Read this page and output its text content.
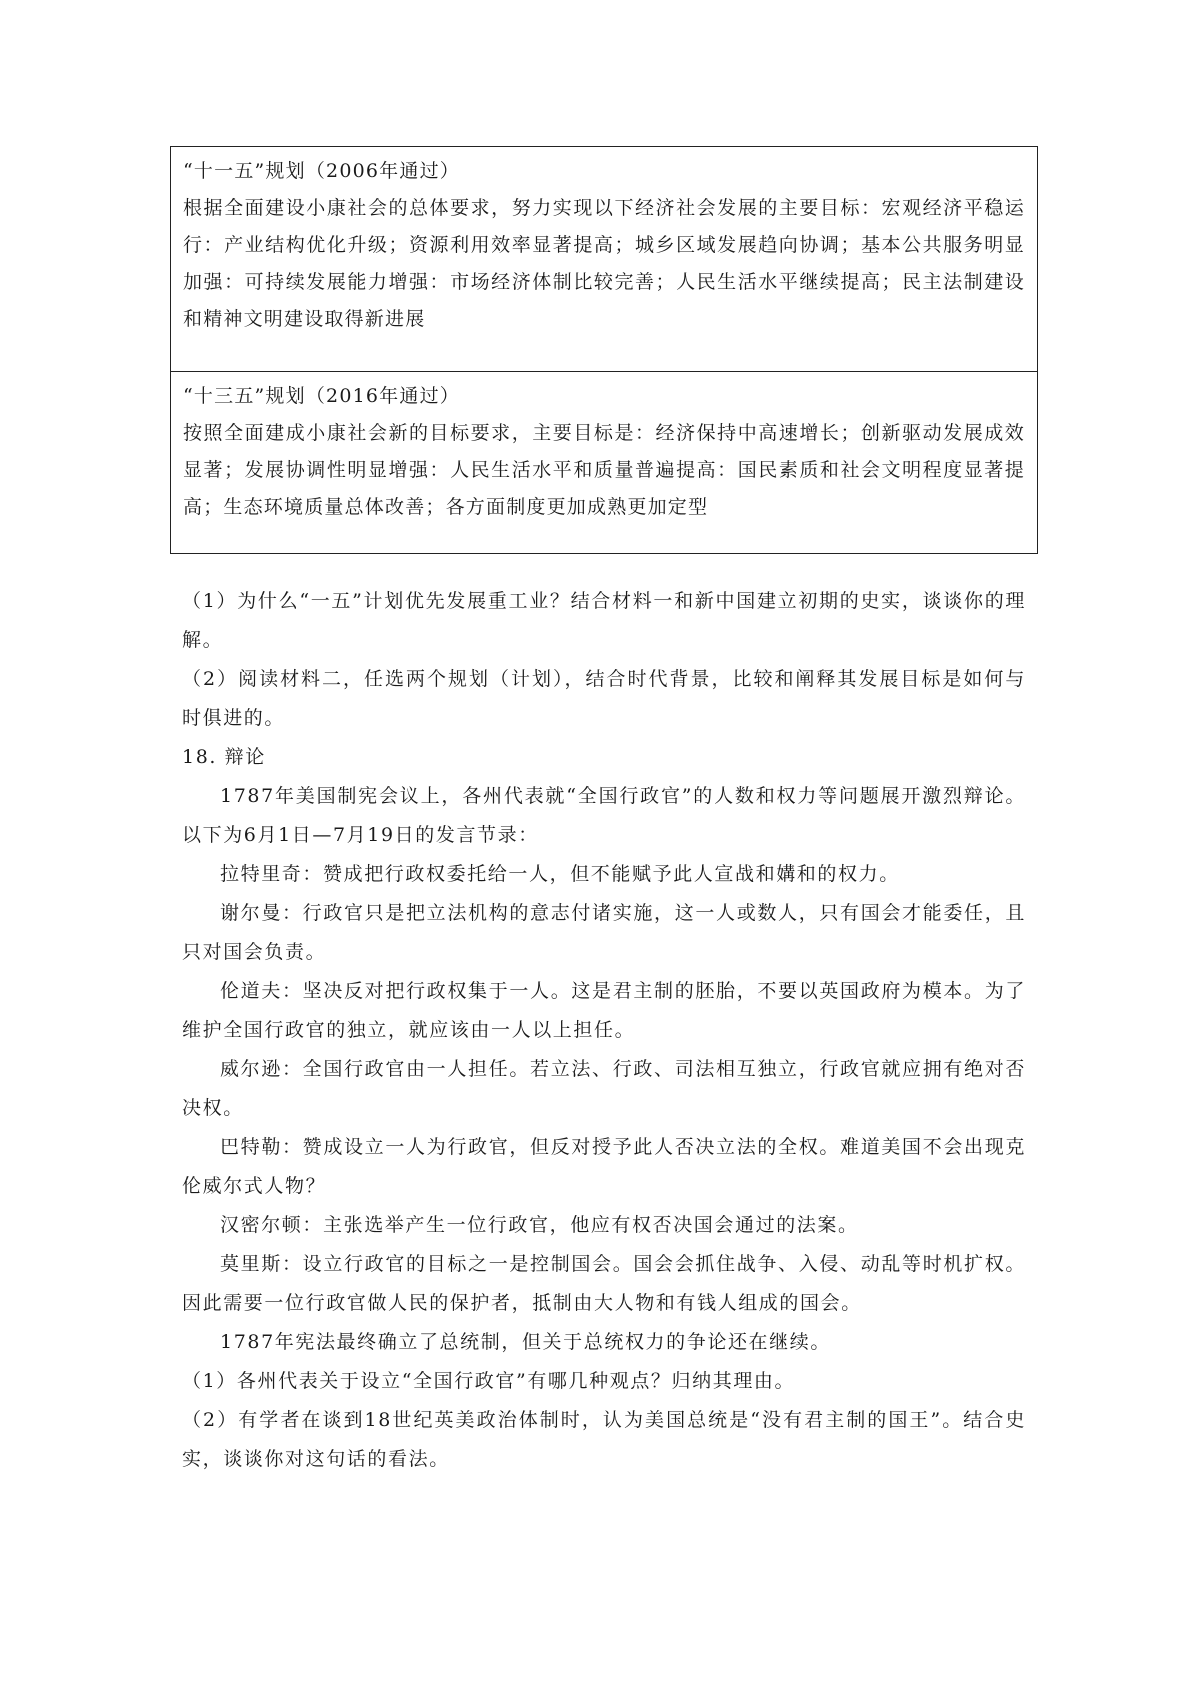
“十一五”规划（2006年通过）
根据全面建设小康社会的总体要求，努力实现以下经济社会发展的主要目标：宏观经济平稳运行：产业结构优化升级；资源利用效率显著提高；城乡区域发展趋向协调；基本公共服务明显加强：可持续发展能力增强：市场经济体制比较完善；人民生活水平继续提高；民主法制建设和精神文明建设取得新进展
“十三五”规划（2016年通过）
按照全面建成小康社会新的目标要求，主要目标是：经济保持中高速增长；创新驱动发展成效显著；发展协调性明显增强：人民生活水平和质量普遍提高：国民素质和社会文明程度显著提高；生态环境质量总体改善；各方面制度更加成熟更加定型

（1）为什么“一五”计划优先发展重工业？结合材料一和新中国建立初期的史实，谈谈你的理解。

（2）阅读材料二，任选两个规划（计划），结合时代背景，比较和阐释其发展目标是如何与时俱进的。

18. 辩论

1787年美国制宪会议上，各州代表就“全国行政官”的人数和权力等问题展开激烈辩论。以下为6月1日—7月19日的发言节录：

拉特里奇：赞成把行政权委托给一人，但不能赋予此人宣战和媾和的权力。

谢尔曼：行政官只是把立法机构的意志付诸实施，这一人或数人，只有国会才能委任，且只对国会负责。

伦道夫：坚决反对把行政权集于一人。这是君主制的胚胎，不要以英国政府为模本。为了维护全国行政官的独立，就应该由一人以上担任。

威尔逊：全国行政官由一人担任。若立法、行政、司法相互独立，行政官就应拥有绝对否决权。

巴特勒：赞成设立一人为行政官，但反对授予此人否决立法的全权。难道美国不会出现克伦威尔式人物？

汉密尔顿：主张选举产生一位行政官，他应有权否决国会通过的法案。

莫里斯：设立行政官的目标之一是控制国会。国会会抓住战争、入侵、动乱等时机扩权。因此需要一位行政官做人民的保护者，抵制由大人物和有钱人组成的国会。

1787年宪法最终确立了总统制，但关于总统权力的争论还在继续。

（1）各州代表关于设立“全国行政官”有哪几种观点？归纳其理由。

（2）有学者在谈到18世纪英美政治体制时，认为美国总统是“没有君主制的国王”。结合史实，谈谈你对这句话的看法。
